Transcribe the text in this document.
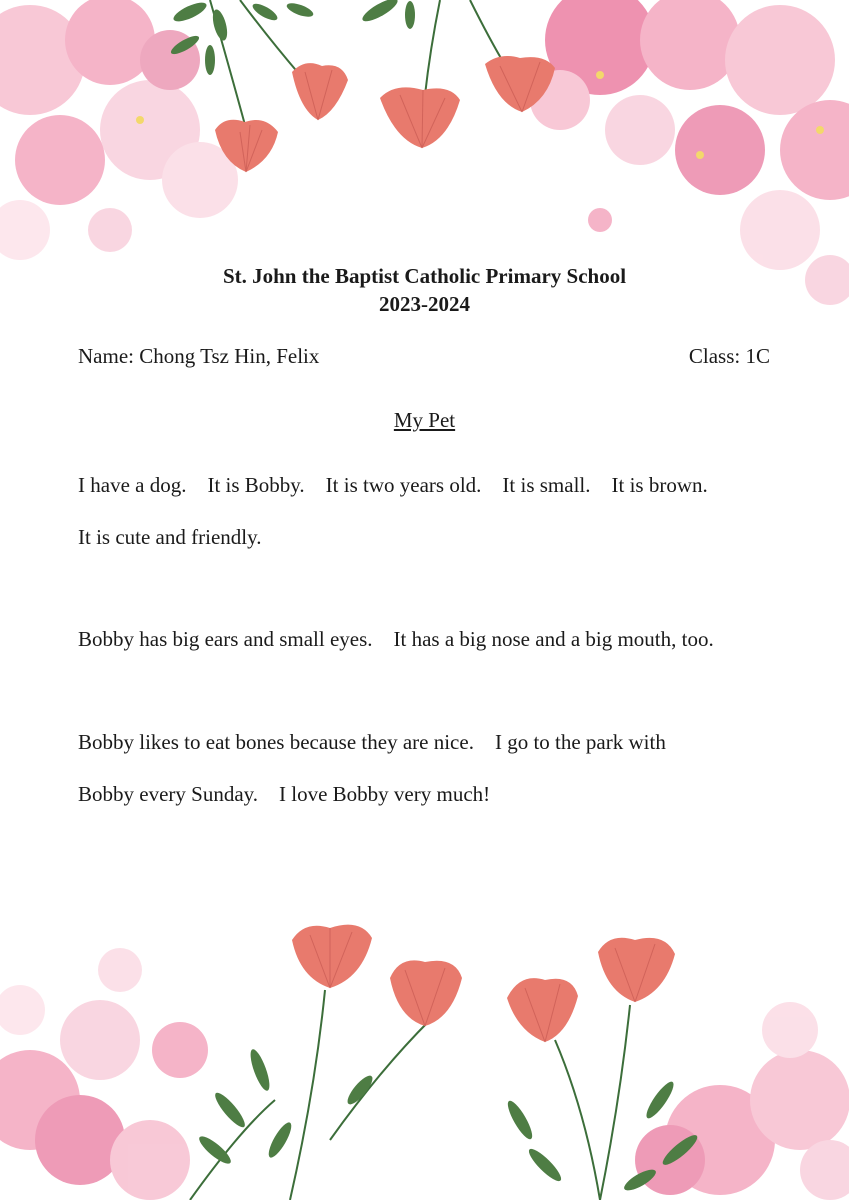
St. John the Baptist Catholic Primary School
2023-2024
Name: Chong Tsz Hin, Felix	Class: 1C
My Pet
I have a dog.    It is Bobby.    It is two years old.    It is small.    It is brown.
It is cute and friendly.
Bobby has big ears and small eyes.    It has a big nose and a big mouth, too.
Bobby likes to eat bones because they are nice.    I go to the park with
Bobby every Sunday.    I love Bobby very much!
